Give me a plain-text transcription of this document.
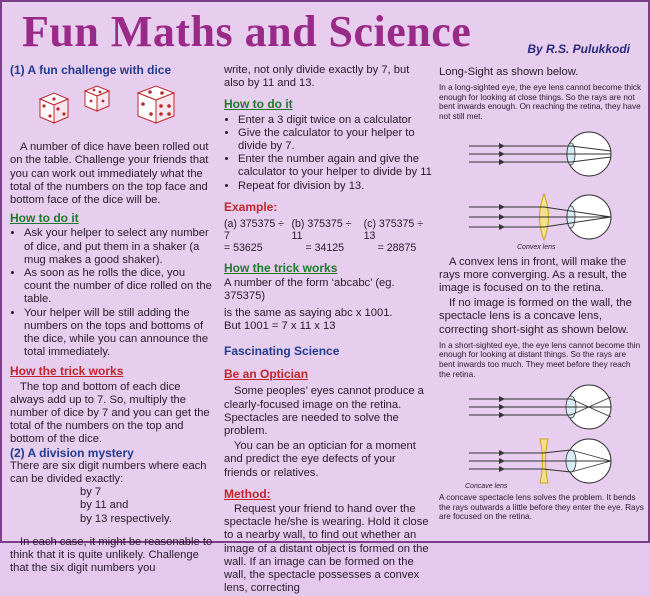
Fun Maths and Science	By R.S. Pulukkodi
(1) A fun challenge with dice

A number of dice have been rolled out on the table. Challenge your friends that you can work out immediately what the total of the numbers on the top face and bottom face of the dice will be.

How to do it
• Ask your helper to select any number of dice, and put them in a shaker (a mug makes a good shaker).
• As soon as he rolls the dice, you count the number of dice rolled on the table.
• Your helper will be still adding the numbers on the tops and bottoms of the dice, while you can announce the total immediately.
How the trick works

The top and bottom of each dice always add up to 7. So, multiply the number of dice by 7 and you can get the total of the numbers on the top and bottom of the dice.

(2) A division mystery

There are six digit numbers where each can be divided exactly:

by 7

by 11 and

by 13 respectively.

In each case, it might be reasonable to think that it is quite unlikely. Challenge that the six digit numbers you

write, not only divide exactly by 7, but also by 11 and 13.

How to do it
• Enter a 3 digit twice on a calculator
• Give the calculator to your helper to divide by 7.
• Enter the number again and give the calculator to your helper to divide by 11
• Repeat for division by 13.
Example:
(a) 375375 ÷ 7
= 53625
(b) 375375 ÷ 11
= 34125
(c) 375375 ÷ 13
= 28875
How the trick works

A number of the form ‘abcabc’ (eg. 375375)

is the same as saying abc x 1001.

But 1001 = 7 x 11 x 13

Fascinating Science
Be an Optician

Some peoples’ eyes cannot produce a clearly-focused image on the retina. Spectacles are needed to solve the problem.

You can be an optician for a moment and predict the eye defects of your friends or relatives.

Method:

Request your friend to hand over the spectacle he/she is wearing. Hold it close to a nearby wall, to find out whether an image of a distant object is formed on the wall. If an image can be formed on the wall, the spectacle possesses a convex lens, correcting

Long-Sight as shown below.

In a long-sighted eye, the eye lens cannot become thick enough for looking at close things. So the rays are not bent inwards enough. On reaching the retina, they have not still met.

Convex lens

A convex lens in front, will make the rays more converging. As a result, the image is focused on to the retina.

If no image is formed on the wall, the spectacle lens is a concave lens, correcting short-sight as shown below.

In a short-sighted eye, the eye lens cannot become thin enough for looking at distant things. So the rays are bent inwards too much. They meet before they reach the retina.

Concave lens

A concave spectacle lens solves the problem. It bends the rays outwards a little before they enter the eye. Rays are focused on the retina.
